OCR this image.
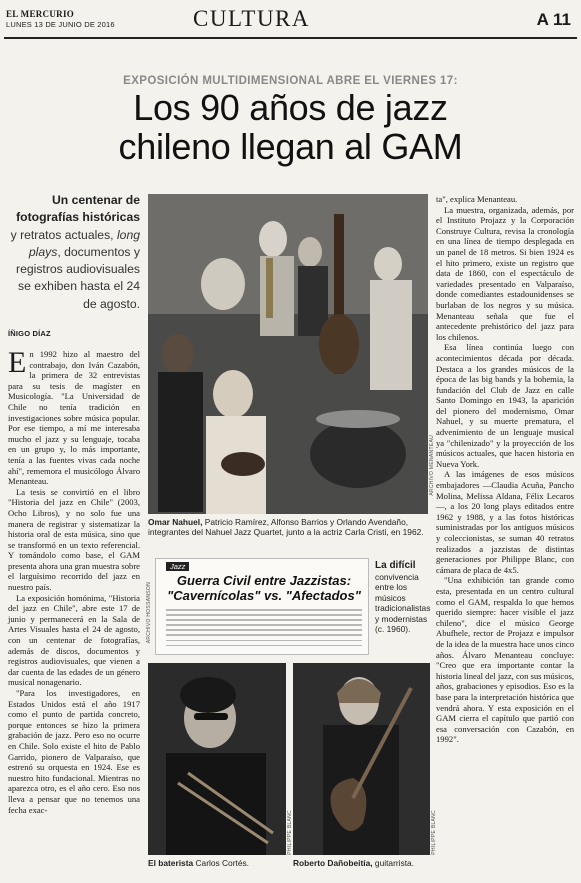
EL MERCURIO
LUNES 13 DE JUNIO DE 2016	CULTURA	A 11
EXPOSICIÓN MULTIDIMENSIONAL ABRE EL VIERNES 17:
Los 90 años de jazz
chileno llegan al GAM
Un centenar de fotografías históricas y retratos actuales, long plays, documentos y registros audiovisuales se exhiben hasta el 24 de agosto.
ÍÑIGO DÍAZ

En 1992 hizo al maestro del contrabajo, don Iván Cazabón, la primera de 32 entrevistas para su tesis de magíster en Musicología. "La Universidad de Chile no tenía tradición en investigaciones sobre música popular. Por ese tiempo, a mí me interesaba mucho el jazz y su lenguaje, tocaba en un grupo y, lo más importante, tenía a las fuentes vivas cada noche ahí", rememora el musicólogo Álvaro Menanteau.

La tesis se convirtió en el libro "Historia del jazz en Chile" (2003, Ocho Libros), y no solo fue una manera de registrar y sistematizar la historia oral de esta música, sino que se transformó en un texto referencial. Y tomándolo como base, el GAM presenta ahora una gran muestra sobre el larguísimo recorrido del jazz en nuestro país.

La exposición homónima, "Historia del jazz en Chile", abre este 17 de junio y permanecerá en la Sala de Artes Visuales hasta el 24 de agosto, con un centenar de fotografías, además de discos, documentos y registros audiovisuales, que vienen a dar cuenta de las edades de un género musical nonagenario.

"Para los investigadores, en Estados Unidos está el año 1917 como el punto de partida concreto, porque entonces se hizo la primera grabación de jazz. Pero eso no ocurre en Chile. Solo existe el hito de Pablo Garrido, pionero de Valparaíso, que estrenó su orquesta en 1924. Ese es nuestro hito fundacional. Mientras no aparezca otro, es el año cero. Eso nos lleva a pensar que no tenemos una fecha exac-

ARCHIVO MENANTEAU
Omar Nahuel, Patricio Ramírez, Alfonso Barrios y Orlando Avendaño, integrantes del Nahuel Jazz Quartet, junto a la actriz Carla Cristi, en 1962.
Jazz
Guerra Civil entre Jazzistas: "Cavernícolas" vs. "Afectados"
ARCHIVO HOSSANSON
La difícil convivencia entre los músicos tradicionalistas y modernistas (c. 1960).
PHILIPPE BLANC
El baterista Carlos Cortés.
PHILIPPE BLANC
Roberto Dañobeitía, guitarrista.

ta", explica Menanteau.

La muestra, organizada, además, por el Instituto Projazz y la Corporación Construye Cultura, revisa la cronología en una línea de tiempo desplegada en un panel de 18 metros. Si bien 1924 es el hito primero, existe un registro que data de 1860, con el espectáculo de variedades presentado en Valparaíso, donde comediantes estadounidenses se burlaban de los negros y su música. Menanteau señala que fue el antecedente prehistórico del jazz para los chilenos.

Esa línea continúa luego con acontecimientos década por década. Destaca a los grandes músicos de la época de las big bands y la bohemia, la fundación del Club de Jazz en calle Santo Domingo en 1943, la aparición del pionero del modernismo, Omar Nahuel, y su muerte prematura, el advenimiento de un lenguaje musical ya "chilenizado" y la proyección de los músicos actuales, que hacen historia en Nueva York.

A las imágenes de esos músicos embajadores —Claudia Acuña, Pancho Molina, Melissa Aldana, Félix Lecaros—, a los 20 long plays editados entre 1962 y 1988, y a las fotos históricas suministradas por los antiguos músicos y coleccionistas, se suman 40 retratos realizados a jazzistas de distintas generaciones por Philippe Blanc, con cámara de placa de 4x5.

"Una exhibición tan grande como esta, presentada en un centro cultural como el GAM, respalda lo que hemos querido siempre: hacer visible el jazz chileno", dice el músico George Abufhele, rector de Projazz e impulsor de la idea de la muestra hace unos cinco años. Álvaro Menanteau concluye: "Creo que era importante contar la historia lineal del jazz, con sus músicos, años, grabaciones y episodios. Eso es la base para la interpretación histórica que vendrá ahora. Y esta exposición en el GAM cierra el capítulo que partió con esa conversación con Cazabón, en 1992".
